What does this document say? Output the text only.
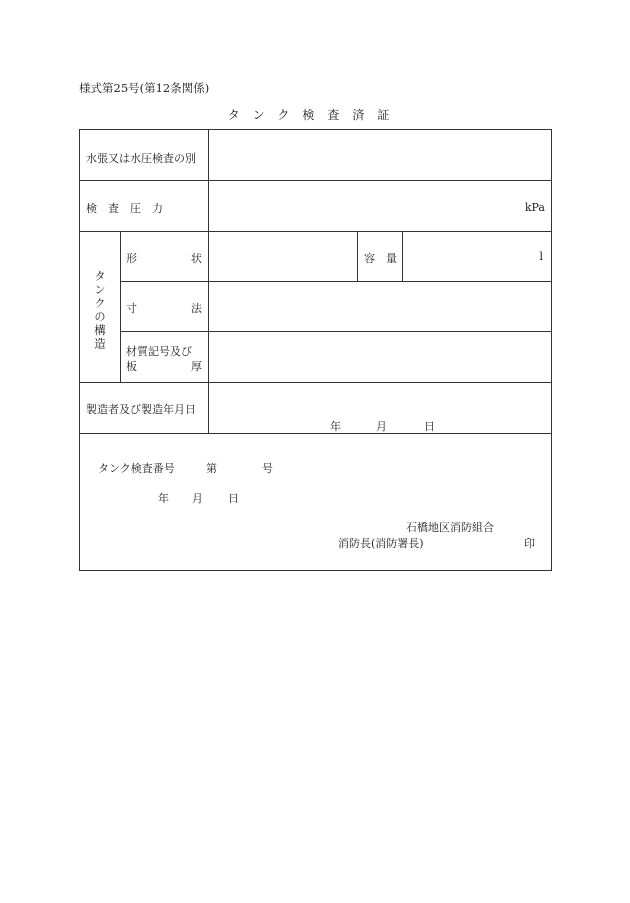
様式第25号(第12条関係)
タンク検査済証
水張又は水圧検査の別
検　査　圧　力	kPa
タンクの構造
形	状	容　量	l
寸	法
材質記号及び
板	厚
製造者及び製造年月日
年	月	日
タンク検査番号	第	号
年 月 日
石橋地区消防組合
消防長(消防署長)	印
